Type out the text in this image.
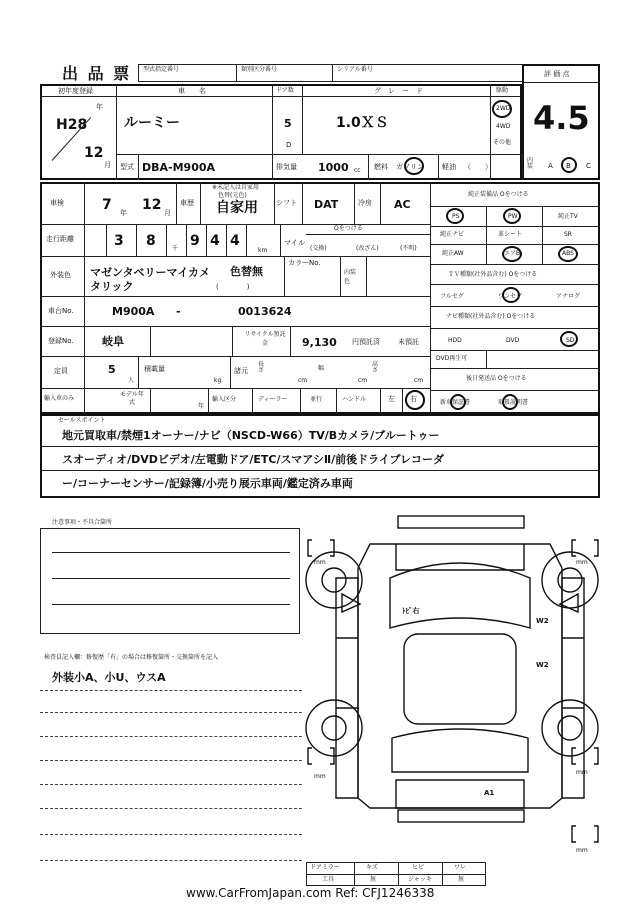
出 品 票 型式指定番号	類別区分番号	シリアル番号
評 価 点
4.5
初年度登録
年
H28
12
月
車　　名
ルーミー
ドア数
5
D
グ　レ　ー　ド
1.0ＸＳ
駆動
2WD
4WD
その他
型式 DBA-M900A	排気量 1000 cc 燃料 ガソリン	軽油 （　　）
内装 A B C
車検	7 年 12 月
車歴
※未記入は自家用
色替(元色)
自家用	シフト DAT	冷房 AC
走行距離	3 8	千 9 4 4
km
マイル
Oをつける
(交換)	(改ざん)	(不明)
外装色 マゼンタベリーマイカメタリック
色替無
(　　　　)
カラーNo.
内装色
車台No.	M900A -	0013624
登録No.	岐阜
リサイクル預託金	9,130 円預託済	未預託
定員	5
人
積載量
kg
諸元
長さ
cm
幅
cm
高さ
cm
輸入車のみ
モデル年式
年
輸入区分	ディーラー	並行	ハンドル	左 右
純正装備品 Oをつける
PS	PW	純正TV
純正ナビ	革シート	SR
純正AW	エアB	ABS
ＴＶ種類(社外品含む) Oをつける
フルセグ	ワンセグ	アナログ
ナビ種類(社外品含む) Oをつける
HDD	DVD	SD
DVD再生可
後日発送品 Oをつける
新車保証書	取扱説明書
セールスポイント
地元買取車/禁煙1オーナー/ナビ（NSCD-W66）TV/Bカメラ/ブルートゥー
スオーディオ/DVDビデオ/左電動ドア/ETC/スマアシⅡ/前後ドライブレコーダ
ー/コーナーセンサー/記録簿/小売り展示車両/鑑定済み車両
注意事項・不具合箇所
検査員記入欄：修復歴「有」の場合は修復箇所・交換箇所を記入
外装小A、小U、ウスA
mm	mm
mm
mm
mm
ﾄﾋﾞ右
W2
W2
A1
ドアミラー	キズ	ヒビ	ワレ
工具	無	ジャッキ	無
www.CarFromJapan.com Ref: CFJ1246338
